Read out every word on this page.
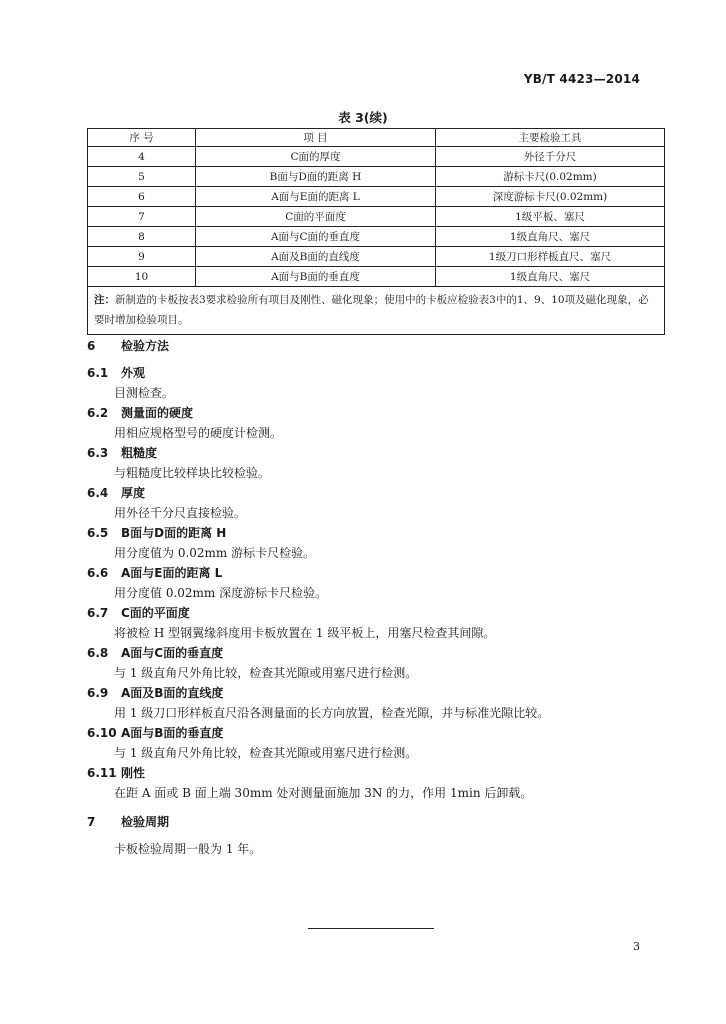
YB/T 4423—2014
表 3(续)
序 号	项 目	主要检验工具
4	C面的厚度	外径千分尺
5	B面与D面的距离 H	游标卡尺(0.02mm)
6	A面与E面的距离 L	深度游标卡尺(0.02mm)
7	C面的平面度	1级平板、塞尺
8	A面与C面的垂直度	1级直角尺、塞尺
9	A面及B面的直线度	1级刀口形样板直尺、塞尺
10	A面与B面的垂直度	1级直角尺、塞尺
注：新制造的卡板按表3要求检验所有项目及刚性、磁化现象；使用中的卡板应检验表3中的1、9、10项及磁化现象，必要时增加检验项目。		
6 检验方法
6.1 外观
目测检查。
6.2 测量面的硬度
用相应规格型号的硬度计检测。
6.3 粗糙度
与粗糙度比较样块比较检验。
6.4 厚度
用外径千分尺直接检验。
6.5 B面与D面的距离 H
用分度值为 0.02mm 游标卡尺检验。
6.6 A面与E面的距离 L
用分度值 0.02mm 深度游标卡尺检验。
6.7 C面的平面度
将被检 H 型钢翼缘斜度用卡板放置在 1 级平板上，用塞尺检查其间隙。
6.8 A面与C面的垂直度
与 1 级直角尺外角比较，检查其光隙或用塞尺进行检测。
6.9 A面及B面的直线度
用 1 级刀口形样板直尺沿各测量面的长方向放置，检查光隙，并与标准光隙比较。
6.10 A面与B面的垂直度
与 1 级直角尺外角比较，检查其光隙或用塞尺进行检测。
6.11 刚性
在距 A 面或 B 面上端 30mm 处对测量面施加 3N 的力，作用 1min 后卸载。
7 检验周期
卡板检验周期一般为 1 年。
3
